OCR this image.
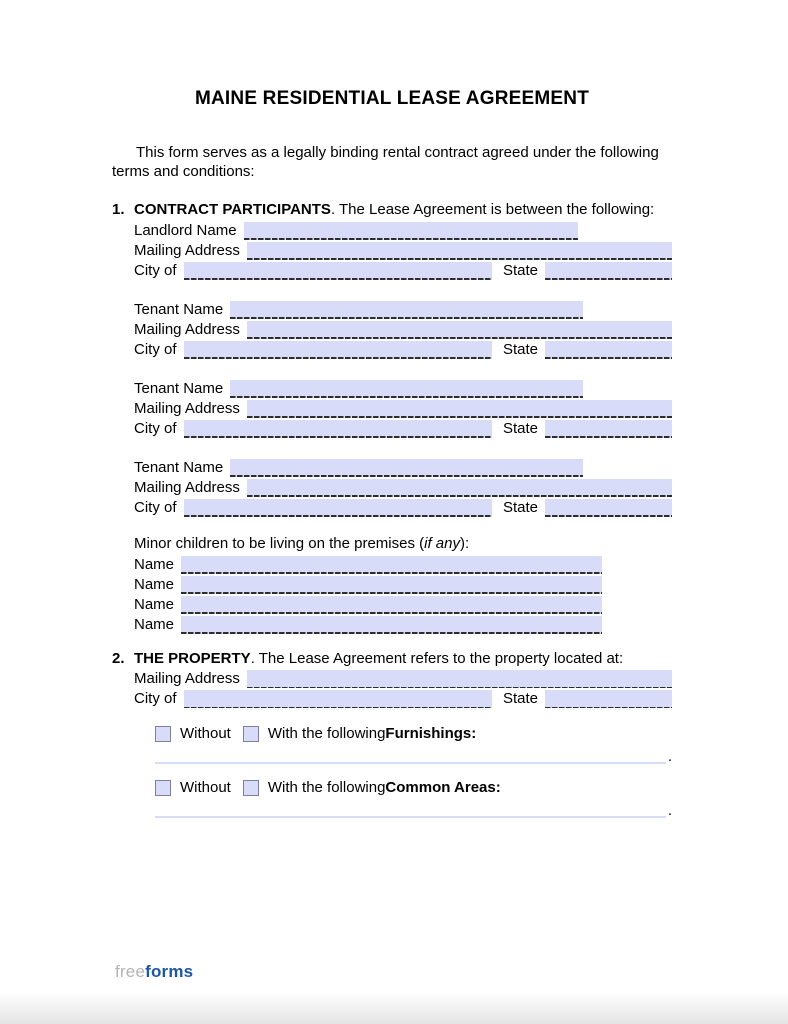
MAINE RESIDENTIAL LEASE AGREEMENT

This form serves as a legally binding rental contract agreed under the following terms and conditions:

1. CONTRACT PARTICIPANTS. The Lease Agreement is between the following:
Landlord Name
Mailing Address
City of	State
Tenant Name
Mailing Address
City of	State
Tenant Name
Mailing Address
City of	State
Tenant Name
Mailing Address
City of	State
Minor children to be living on the premises (if any):
Name
Name
Name
Name
2. THE PROPERTY. The Lease Agreement refers to the property located at:
Mailing Address
City of	State
Without With the following Furnishings:
.
Without With the following Common Areas:
.
freeforms
